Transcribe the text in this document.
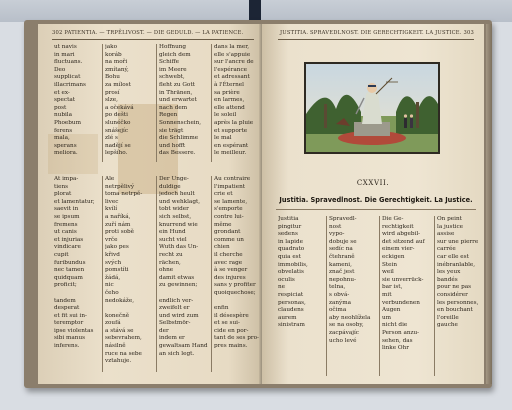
302 PATIENTIA. — TRPĚLIVOST. — DIE GEDULD. — LA PATIENCE.
ut navis
in mari
fluctuans.
Deo
supplicat
illacrimans
et ex-
spectat
post
nubila
Phoebum
ferens
mala,
sperans
meliora.
jako
koráb
na moři
zmítaný,
Bohu
za mílost
prosí
slze,
a očekává
po dešti
slunéčko
snášejíc
zlé s
nadějí se
lepšího.
Hoffnung
gleich dem
Schiffe
im Meere
schwebt,
fleht zu Gott
in Thränen,
und erwartet
nach dem
Regen
Sonnenschein,
sie trägt
die Schlimme
und hofft
das Bessere.
dans la mer,
elle s'appuie
sur l'ancre de
l'espérance
et adressant
à l'Éternel
sa prière
en larmes,
elle attend
le soleil
après la pluie
et supporte
le mal
en espérant
le meilleur.
At impa-
tiens
plorat
et lamentatur,
saevit in
se ipsum
fremens
ut canis
et injurias
vindicare
cupit
furibundus
nec tamen
quidquam
proficit;

tandem
desperat
et fit sui in-
teremptor
ipse violentas
sibi manus
inferens.
Ale
netrpělivý
toma netrpě-
livec
kvílí
a naříká,
zuří nám
proti sobě
vrče
jako pes
křivd
svých
pomstíti
žádá,
nic
čeho
nedokáže,

konečně
zoufá
a stává se
sebevrahem,
násilně
ruce na sebe
vztahuje.
Der Unge-
duldige
jedoch heult
und wehklagt,
tobt wider
sich selbst,
knurrend wie
ein Hund
sucht viel
Wuth das Un-
recht zu
rächen,
ohne
damit etwas
zu gewinnen;

endlich ver-
zweifelt er
und wird zum
Selbstmör-
der
indem er
gewaltsam Hand
an sich legt.
Au contraire
l'impatient
crie et
se lamente,
s'emporte
contre lui-
même
grondant
comme un
chien
il cherche
avec rage
à se venger
des injures
sans y profiter
quoiquechose;

enfin
il désespère
et se sui-
cide en por-
tant de ses pro-
pres mains.
JUSTITIA. SPRAVEDLNOST. DIE GERECHTIGKEIT. LA JUSTICE. 303
CXXVII.
Justitia. Spravedlnost. Die Gerechtigkeit. La Justice.
Justitia
pingitur
sedens
in lapide
quadrato
quia est
immobilis,
obvelatis
oculis
ne
respiciat
personas,
claudens
aurem
sinistram
Spravedl-
nost
vypo-
dobuje se
sedíc na
čtehraně
kameni,
znač jest
nepohnu-
telna,
s obvá-
zanýma
očima
aby neohlížela
se na osoby,
zacpávajíc
ucho levé
Die Ge-
rechtigkeit
wird abgebil-
det sitzend auf
einem vier-
eckigen
Stein
weil
sie unverrück-
bar ist,
mit
verbundenen
Augen
um
nicht die
Person anzu-
sehen, das
linke Ohr
On peint
la justice
assise
sur une pierre
carrée
car elle est
inébranlable,
les yeux
bandés
pour ne pas
considérer
les personnes,
en bouchant
l'oreille
gauche
